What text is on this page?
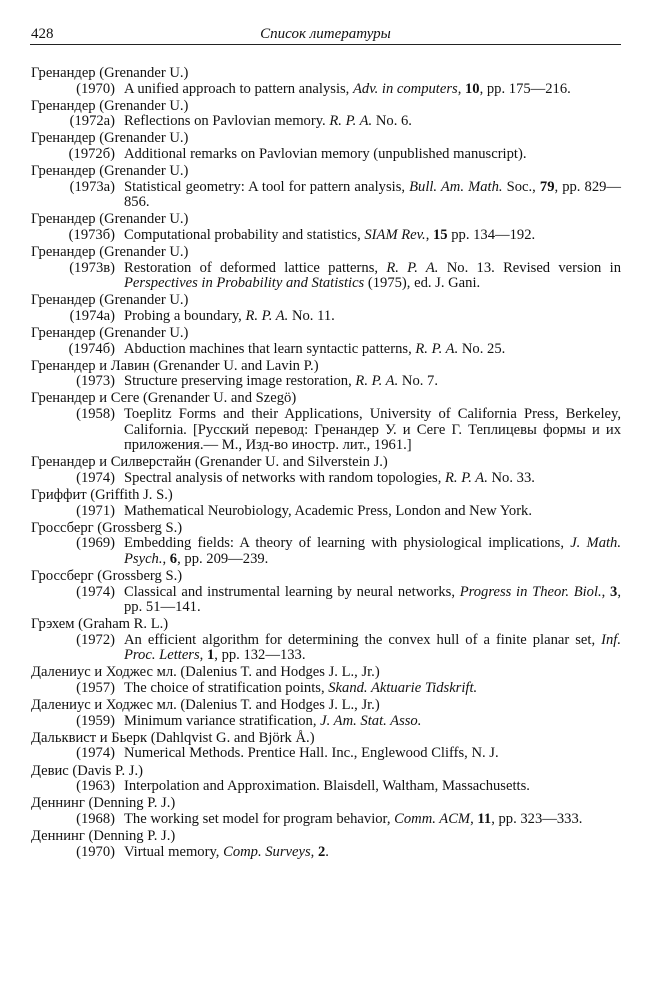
428	Список литературы
Гренандер (Grenander U.)
(1970) A unified approach to pattern analysis, Adv. in computers, 10, pp. 175—216.
Гренандер (Grenander U.)
(1972a) Reflections on Pavlovian memory. R. P. A. No. 6.
Гренандер (Grenander U.)
(1972б) Additional remarks on Pavlovian memory (unpublished manuscript).
Гренандер (Grenander U.)
(1973a) Statistical geometry: A tool for pattern analysis, Bull. Am. Math. Soc., 79, pp. 829—856.
Гренандер (Grenander U.)
(1973б) Computational probability and statistics, SIAM Rev., 15 pp. 134—192.
Гренандер (Grenander U.)
(1973в) Restoration of deformed lattice patterns, R. P. A. No. 13. Revised version in Perspectives in Probability and Statistics (1975), ed. J. Gani.
Гренандер (Grenander U.)
(1974a) Probing a boundary, R. P. A. No. 11.
Гренандер (Grenander U.)
(1974б) Abduction machines that learn syntactic patterns, R. P. A. No. 25.
Гренандер и Лавин (Grenander U. and Lavin P.)
(1973) Structure preserving image restoration, R. P. A. No. 7.
Гренандер и Сеге (Grenander U. and Szegö)
(1958) Toeplitz Forms and their Applications, University of California Press, Berkeley, California. [Русский перевод: Гренандер У. и Сеге Г. Теплицевы формы и их приложения.— М., Изд-во иностр. лит., 1961.]
Гренандер и Силверстайн (Grenander U. and Silverstein J.)
(1974) Spectral analysis of networks with random topologies, R. P. A. No. 33.
Гриффит (Griffith J. S.)
(1971) Mathematical Neurobiology, Academic Press, London and New York.
Гроссберг (Grossberg S.)
(1969) Embedding fields: A theory of learning with physiological implications, J. Math. Psych., 6, pp. 209—239.
Гроссберг (Grossberg S.)
(1974) Classical and instrumental learning by neural networks, Progress in Theor. Biol., 3, pp. 51—141.
Грэхем (Graham R. L.)
(1972) An efficient algorithm for determining the convex hull of a finite planar set, Inf. Proc. Letters, 1, pp. 132—133.
Далениус и Ходжес мл. (Dalenius T. and Hodges J. L., Jr.)
(1957) The choice of stratification points, Skand. Aktuarie Tidskrift.
Далениус и Ходжес мл. (Dalenius T. and Hodges J. L., Jr.)
(1959) Minimum variance stratification, J. Am. Stat. Asso.
Дальквист и Бьерк (Dahlqvist G. and Björk Å.)
(1974) Numerical Methods. Prentice Hall. Inc., Englewood Cliffs, N. J.
Девис (Davis P. J.)
(1963) Interpolation and Approximation. Blaisdell, Waltham, Massachusetts.
Деннинг (Denning P. J.)
(1968) The working set model for program behavior, Comm. ACM, 11, pp. 323—333.
Деннинг (Denning P. J.)
(1970) Virtual memory, Comp. Surveys, 2.
